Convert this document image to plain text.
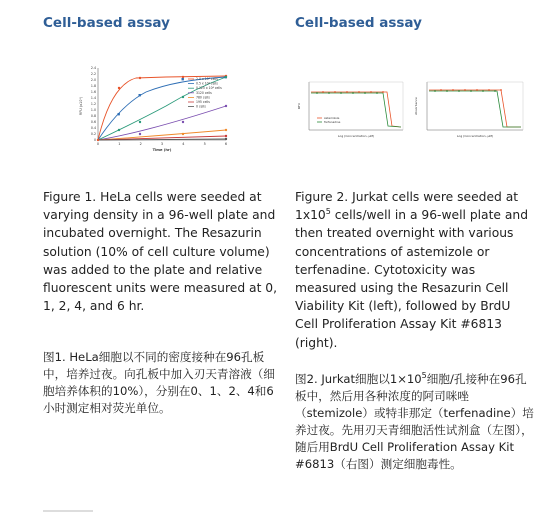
Cell-based assay
0
0.2
0.4
0.6
0.8
1.0
1.2
1.4
1.6
1.8
2.0
2.2
2.4
0	1	2	3	4	5	6
RFU (x10³)
Time (hr)
2.0 x 10⁴ cells
0.5 x 10⁴ cells
0.125 x 10⁴ cells
3120 cells
780 cells
195 cells
0 cells
Figure 1. HeLa cells were seeded at varying density in a 96-well plate and incubated overnight. The Resazurin solution (10% of cell culture volume) was added to the plate and relative fluorescent units were measured at 0, 1, 2, 4, and 6 hr.
图1. HeLa细胞以不同的密度接种在96孔板中，培养过夜。向孔板中加入刃天青溶液（细胞培养体积的10%），分别在0、1、2、4和6小时测定相对荧光单位。
Cell-based assay
RFU
Log (Concentration, μM)
Astemizole
Terfenadine
Absorbance
Log (Concentration, μM)
Figure 2. Jurkat cells were seeded at $1x10^5$ cells/well in a 96-well plate and then treated overnight with various concentrations of astemizole or terfenadine. Cytotoxicity was measured using the Resazurin Cell Viability Kit (left), followed by BrdU Cell Proliferation Assay Kit #6813 (right).
图2. Jurkat细胞以$1\times 10^5$细胞/孔接种在96孔板中，然后用各种浓度的阿司咪唑（stemizole）或特非那定（terfenadine）培养过夜。先用刃天青细胞活性试剂盒（左图），随后用BrdU Cell Proliferation Assay Kit #6813（右图）测定细胞毒性。
